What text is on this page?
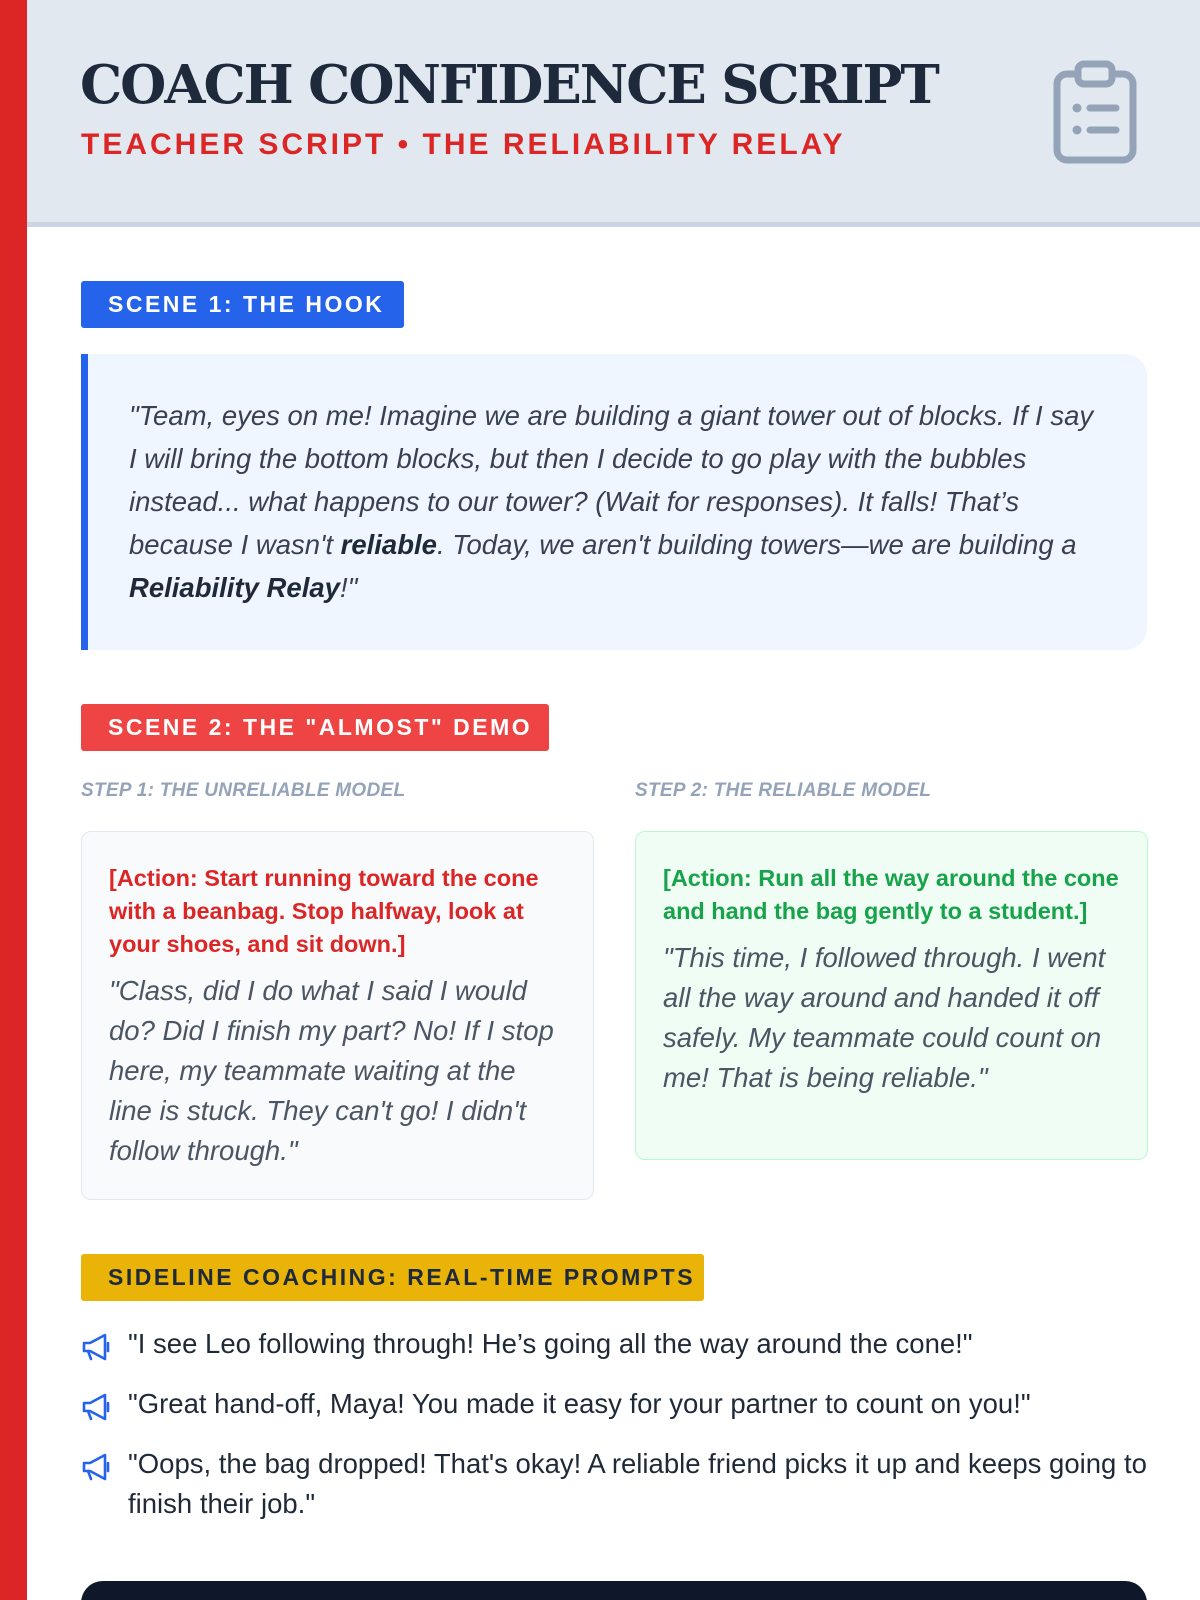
COACH CONFIDENCE SCRIPT
TEACHER SCRIPT • THE RELIABILITY RELAY
SCENE 1: THE HOOK

"Team, eyes on me! Imagine we are building a giant tower out of blocks. If I say I will bring the bottom blocks, but then I decide to go play with the bubbles instead... what happens to our tower? (Wait for responses). It falls! That’s because I wasn't reliable. Today, we aren't building towers—we are building a Reliability Relay!"

SCENE 2: THE "ALMOST" DEMO
STEP 1: THE UNRELIABLE MODEL	STEP 2: THE RELIABLE MODEL
[Action: Start running toward the cone with a beanbag. Stop halfway, look at your shoes, and sit down.]
"Class, did I do what I said I would do? Did I finish my part? No! If I stop here, my teammate waiting at the line is stuck. They can't go! I didn't follow through."
[Action: Run all the way around the cone and hand the bag gently to a student.]
"This time, I followed through. I went all the way around and handed it off safely. My teammate could count on me! That is being reliable."
SIDELINE COACHING: REAL-TIME PROMPTS
"I see Leo following through! He’s going all the way around the cone!"
"Great hand-off, Maya! You made it easy for your partner to count on you!"
"Oops, the bag dropped! That's okay! A reliable friend picks it up and keeps going to finish their job."
